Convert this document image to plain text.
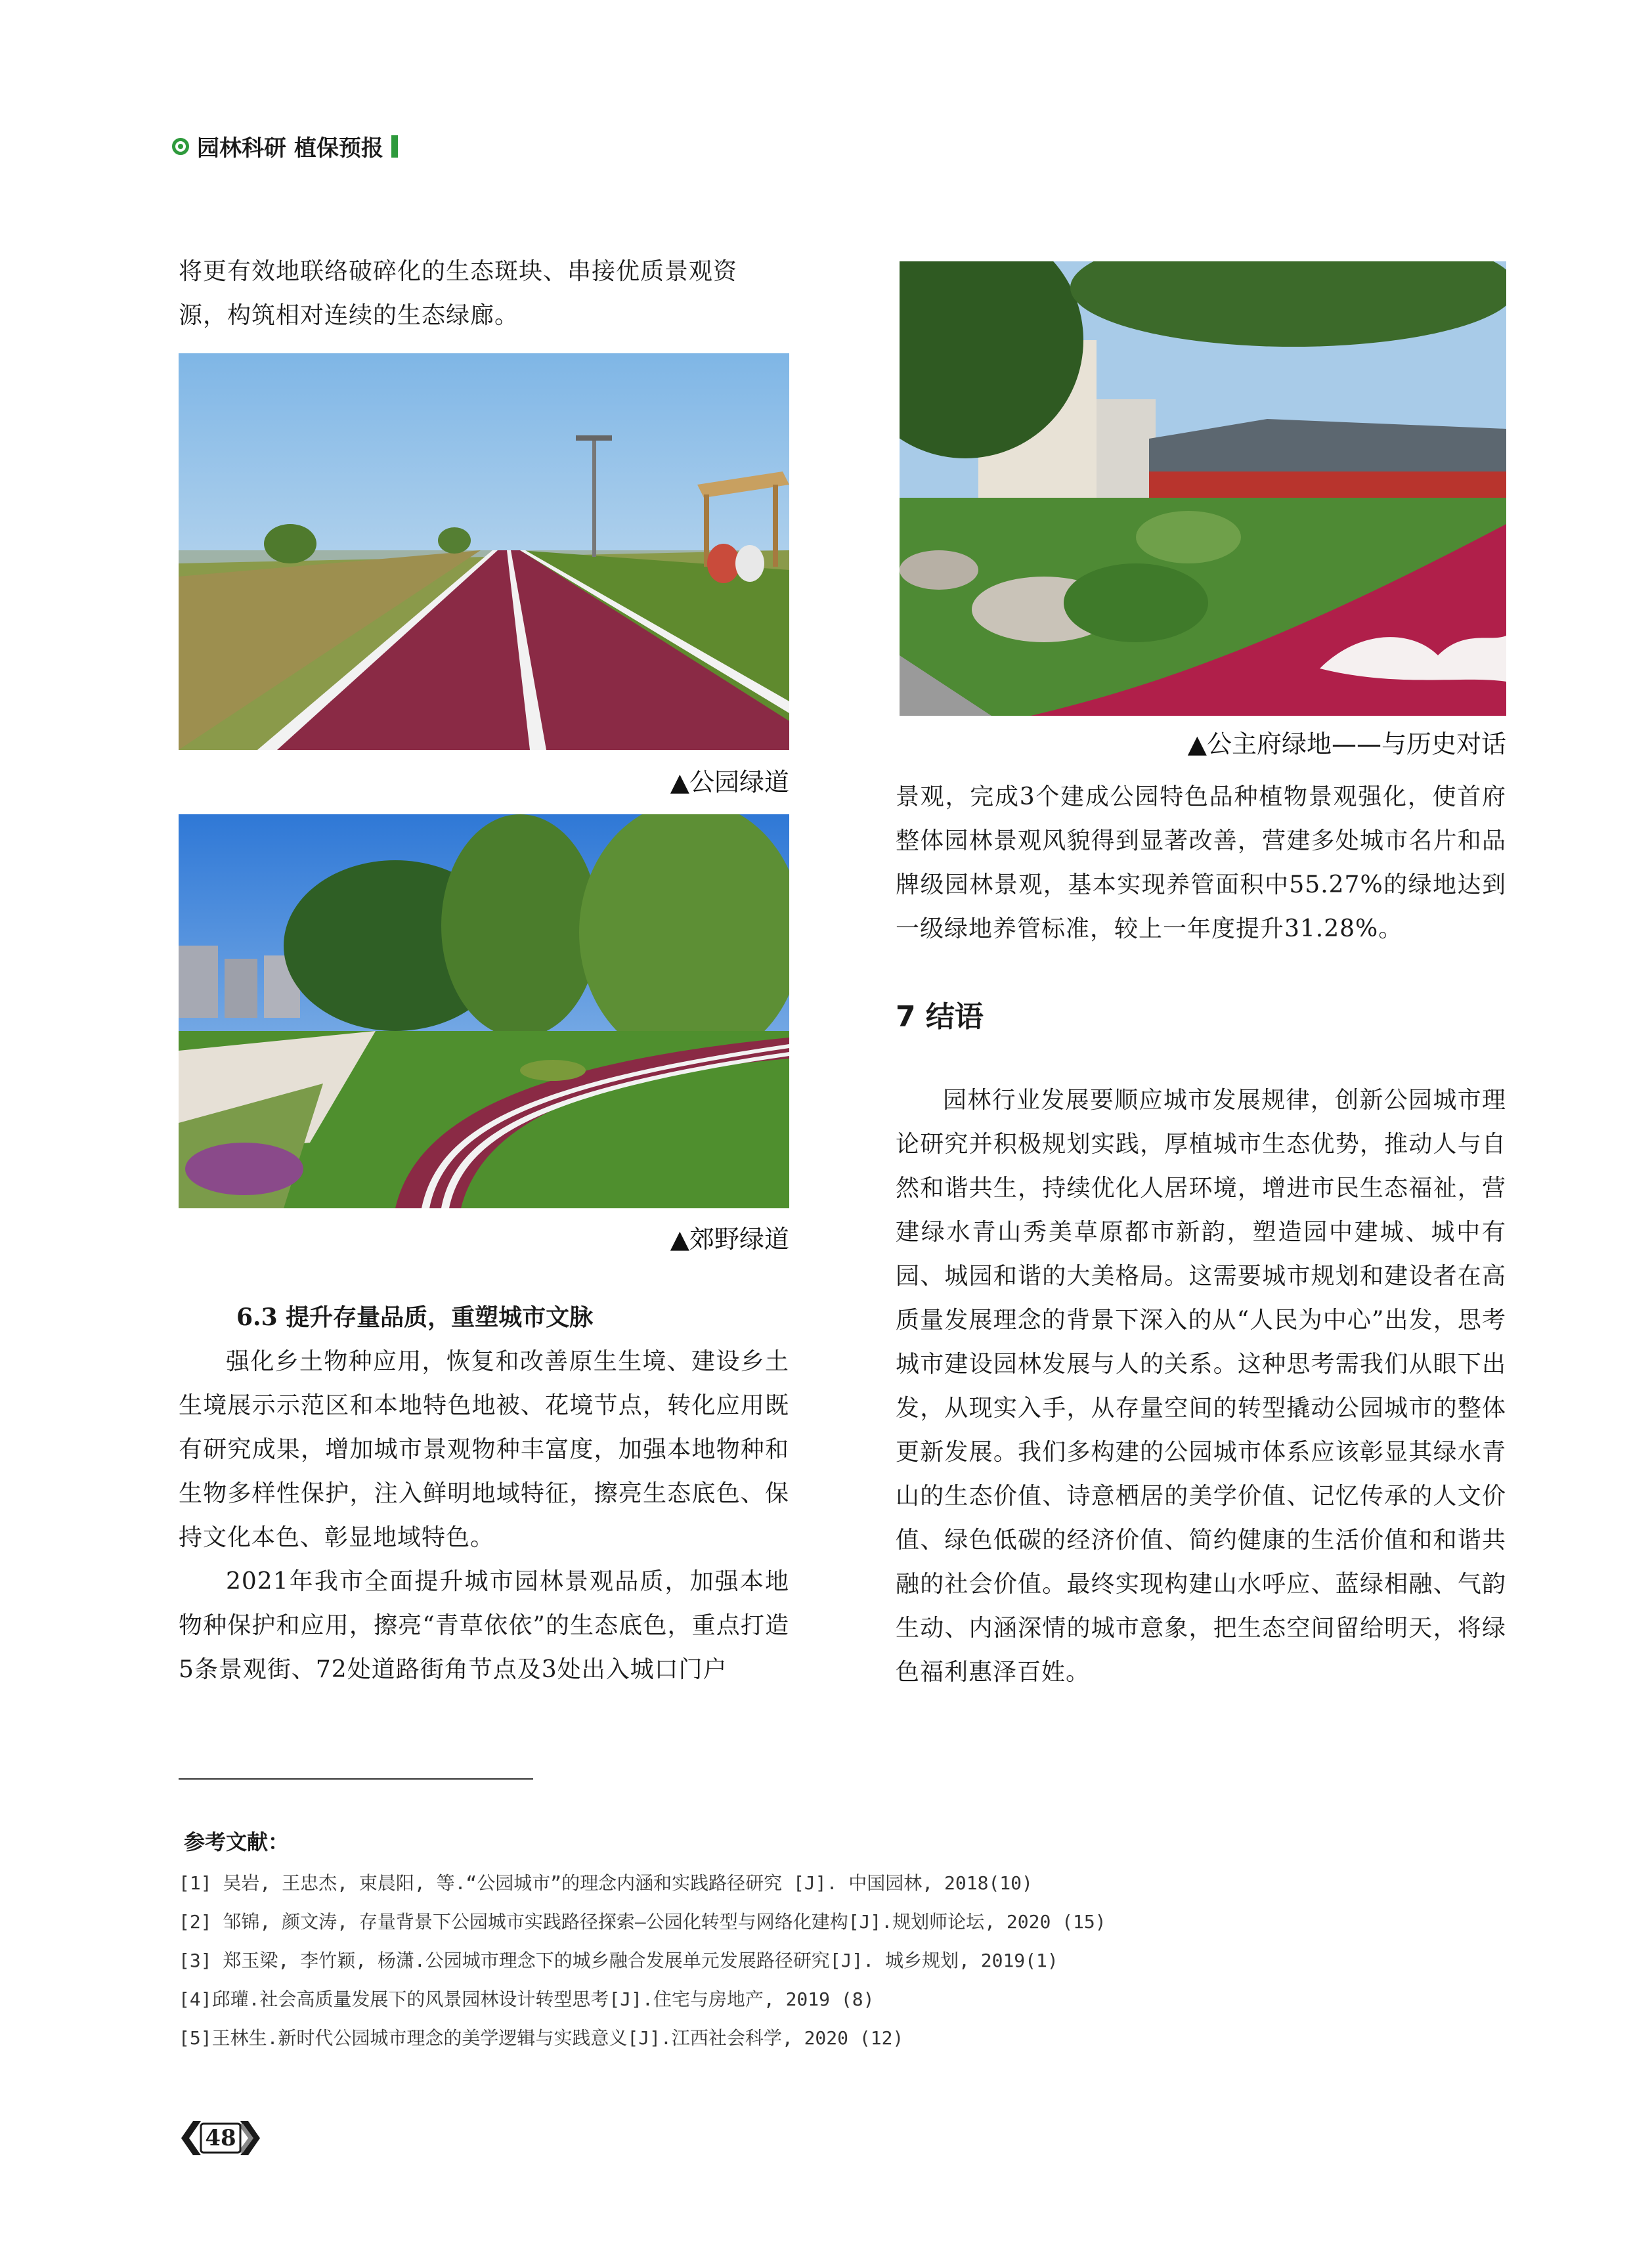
园林科研 植保预报

将更有效地联络破碎化的生态斑块、串接优质景观资

源，构筑相对连续的生态绿廊。

▲公园绿道
▲郊野绿道
6.3 提升存量品质，重塑城市文脉

强化乡土物种应用，恢复和改善原生生境、建设乡土生境展示示范区和本地特色地被、花境节点，转化应用既有研究成果，增加城市景观物种丰富度，加强本地物种和生物多样性保护，注入鲜明地域特征，擦亮生态底色、保持文化本色、彰显地域特色。

2021年我市全面提升城市园林景观品质，加强本地物种保护和应用，擦亮“青草依依”的生态底色，重点打造5条景观街、72处道路街角节点及3处出入城口门户

▲公主府绿地——与历史对话

景观，完成3个建成公园特色品种植物景观强化，使首府整体园林景观风貌得到显著改善，营建多处城市名片和品牌级园林景观，基本实现养管面积中55.27%的绿地达到一级绿地养管标准，较上一年度提升31.28%。

7 结语

园林行业发展要顺应城市发展规律，创新公园城市理论研究并积极规划实践，厚植城市生态优势，推动人与自然和谐共生，持续优化人居环境，增进市民生态福祉，营建绿水青山秀美草原都市新韵，塑造园中建城、城中有园、城园和谐的大美格局。这需要城市规划和建设者在高质量发展理念的背景下深入的从“人民为中心”出发，思考城市建设园林发展与人的关系。这种思考需我们从眼下出发，从现实入手，从存量空间的转型撬动公园城市的整体更新发展。我们多构建的公园城市体系应该彰显其绿水青山的生态价值、诗意栖居的美学价值、记忆传承的人文价值、绿色低碳的经济价值、简约健康的生活价值和和谐共融的社会价值。最终实现构建山水呼应、蓝绿相融、气韵生动、内涵深情的城市意象，把生态空间留给明天，将绿色福利惠泽百姓。

参考文献：
[1] 吴岩, 王忠杰, 束晨阳, 等.“公园城市”的理念内涵和实践路径研究 [J]. 中国园林, 2018(10)
[2] 邹锦, 颜文涛, 存量背景下公园城市实践路径探索—公园化转型与网络化建构[J].规划师论坛, 2020 (15)
[3] 郑玉梁, 李竹颖, 杨潇.公园城市理念下的城乡融合发展单元发展路径研究[J]. 城乡规划, 2019(1)
[4]邱瓘.社会高质量发展下的风景园林设计转型思考[J].住宅与房地产, 2019 (8)
[5]王林生.新时代公园城市理念的美学逻辑与实践意义[J].江西社会科学, 2020 (12)
48
